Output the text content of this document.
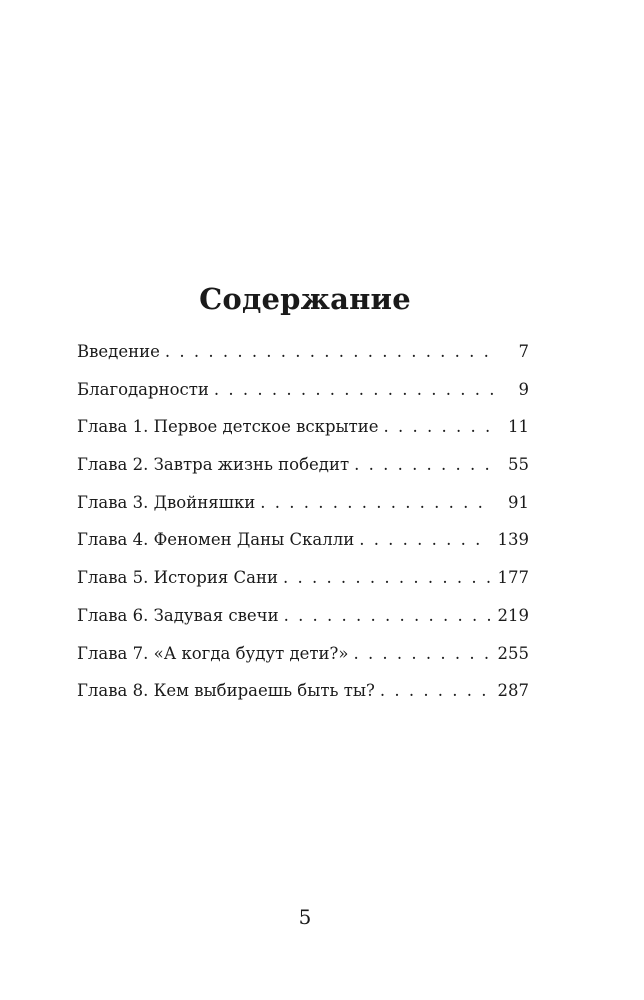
Содержание
Введение . . .	7
Благодарности . . .	9
Глава 1. Первое детское вскрытие . . .	11
Глава 2. Завтра жизнь победит . . .	55
Глава 3. Двойняшки . . .	91
Глава 4. Феномен Даны Скалли . . .	139
Глава 5. История Сани . . .	177
Глава 6. Задувая свечи . . .	219
Глава 7. «А когда будут дети?» . . .	255
Глава 8. Кем выбираешь быть ты? . . .	287

5
